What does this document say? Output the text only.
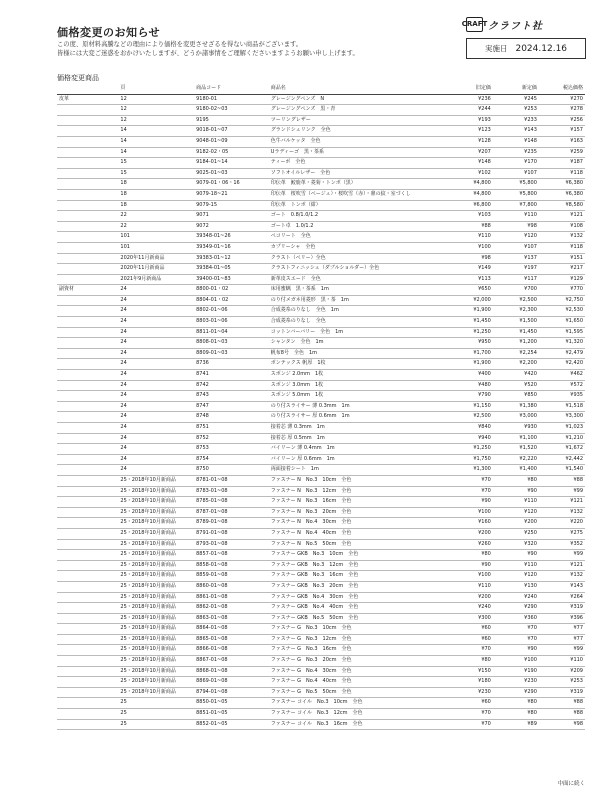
価格変更のお知らせ
この度、原材料高騰などの理由により価格を変更させざるを得ない商品がございます。
皆様には大変ご迷惑をおかけいたしますが、どうか諸事情をご理解くださいますようお願い申し上げます。
CRAFT クラフト社
実施日 2024.12.16
価格変更商品
	頁	商品コード	商品名	旧定価	新定価	税込価格
皮革	12	9180-01	グレージングペンズ　N	¥236	¥245	¥270
	12	9180-02~03	グレージングペンズ　黒・青	¥244	¥253	¥278
	12	9195	ツーリングレザー	¥193	¥233	¥256
	14	9018-01~07	グランドシュリンク　全色	¥123	¥143	¥157
	14	9048-01~09	色牛バルケッタ　全色	¥128	¥148	¥163
	14	9182-02・05	Uラディーゴ　黒・茶系	¥207	¥235	¥259
	15	9184-01~14	ティーポ　全色	¥148	¥170	¥187
	15	9025-01~03	ソフトオイルレザー　全色	¥102	¥107	¥118
	18	9079-01・06・16	印伝革　鮫鹿革・菱菊・トンボ（黒）	¥4,800	¥5,800	¥6,380
	18	9079-18~21	印伝革　桜吹雪（ベージュ）・桜吹雪（赤）・鼎の紋・室づくし	¥4,800	¥5,800	¥6,380
	18	9079-15	印伝革　トンボ（紺）	¥6,800	¥7,800	¥8,580
	22	9071	ゴート　0.8/1.0/1.2	¥103	¥110	¥121
	22	9072	ゴート卓　1.0/1.2	¥88	¥98	¥108
	101	39348-01~26	ペコリート　全色	¥110	¥120	¥132
	101	39349-01~16	カプリーシャ　全色	¥100	¥107	¥118
	2020年11月新商品	39383-01~12	クラスト（ベリー）全色	¥98	¥137	¥151
	2020年11月新商品	39384-01~05	クラストフィニッシュ（ダブルショルダー）全色	¥149	¥197	¥217
	2021年9月新商品	39400-01~83	新革皮スエード　全色	¥113	¥117	¥129
副資材	24	8800-01・02	床用蜜蝋　黒・茶系　1m	¥650	¥700	¥770
	24	8804-01・02	のり付メガネ用菱形　黒・茶　1m	¥2,000	¥2,500	¥2,750
	24	8802-01~06	合成菱糸のりなし　全色　1m	¥1,900	¥2,300	¥2,530
	24	8803-01~06	合成菱糸のりなし　全色	¥1,450	¥1,500	¥1,650
	24	8811-01~04	コットンバーバリー　全色　1m	¥1,250	¥1,450	¥1,595
	24	8808-01~03	シャンタン　全色　1m	¥950	¥1,200	¥1,320
	24	8809-01~03	帆布8号　全色　1m	¥1,700	¥2,254	¥2,479
	24	8736	ボンテックス 帆厚　1枚	¥1,900	¥2,200	¥2,420
	24	8741	スポンジ 2.0mm　1枚	¥400	¥420	¥462
	24	8742	スポンジ 3.0mm　1枚	¥480	¥520	¥572
	24	8743	スポンジ 5.0mm　1枚	¥790	¥850	¥935
	24	8747	のり付スライサー 薄 0.3mm　1m	¥1,150	¥1,380	¥1,518
	24	8748	のり付スライサー 厚 0.6mm　1m	¥2,500	¥3,000	¥3,300
	24	8751	接着芯 薄 0.3mm　1m	¥840	¥930	¥1,023
	24	8752	接着芯 厚 0.5mm　1m	¥940	¥1,100	¥1,210
	24	8753	バイリーン 薄 0.4mm　1m	¥1,250	¥1,520	¥1,672
	24	8754	バイリーン 厚 0.6mm　1m	¥1,750	¥2,220	¥2,442
	24	8750	両面接着シート　1m	¥1,300	¥1,400	¥1,540
	25・2018年10月新商品	8781-01~08	ファスナー N　No.3　10cm　全色	¥70	¥80	¥88
	25・2018年10月新商品	8783-01~08	ファスナー N　No.3　12cm　全色	¥70	¥90	¥99
	25・2018年10月新商品	8785-01~08	ファスナー N　No.3　16cm　全色	¥90	¥110	¥121
	25・2018年10月新商品	8787-01~08	ファスナー N　No.3　20cm　全色	¥100	¥120	¥132
	25・2018年10月新商品	8789-01~08	ファスナー N　No.4　30cm　全色	¥160	¥200	¥220
	25・2018年10月新商品	8791-01~08	ファスナー N　No.4　40cm　全色	¥200	¥250	¥275
	25・2018年10月新商品	8793-01~08	ファスナー N　No.5　50cm　全色	¥260	¥320	¥352
	25・2018年10月新商品	8857-01~08	ファスナー GKB　No.3　10cm　全色	¥80	¥90	¥99
	25・2018年10月新商品	8858-01~08	ファスナー GKB　No.3　12cm　全色	¥90	¥110	¥121
	25・2018年10月新商品	8859-01~08	ファスナー GKB　No.3　16cm　全色	¥100	¥120	¥132
	25・2018年10月新商品	8860-01~08	ファスナー GKB　No.3　20cm　全色	¥110	¥130	¥143
	25・2018年10月新商品	8861-01~08	ファスナー GKB　No.4　30cm　全色	¥200	¥240	¥264
	25・2018年10月新商品	8862-01~08	ファスナー GKB　No.4　40cm　全色	¥240	¥290	¥319
	25・2018年10月新商品	8863-01~08	ファスナー GKB　No.5　50cm　全色	¥300	¥360	¥396
	25・2018年10月新商品	8864-01~08	ファスナー G　No.3　10cm　全色	¥60	¥70	¥77
	25・2018年10月新商品	8865-01~08	ファスナー G　No.3　12cm　全色	¥60	¥70	¥77
	25・2018年10月新商品	8866-01~08	ファスナー G　No.3　16cm　全色	¥70	¥90	¥99
	25・2018年10月新商品	8867-01~08	ファスナー G　No.3　20cm　全色	¥80	¥100	¥110
	25・2018年10月新商品	8868-01~08	ファスナー G　No.4　30cm　全色	¥150	¥190	¥209
	25・2018年10月新商品	8869-01~08	ファスナー G　No.4　40cm　全色	¥180	¥230	¥253
	25・2018年10月新商品	8794-01~08	ファスナー G　No.5　50cm　全色	¥230	¥290	¥319
	25	8850-01~05	ファスナー コイル　No.3　10cm　全色	¥60	¥80	¥88
	25	8851-01~05	ファスナー コイル　No.3　12cm　全色	¥70	¥80	¥88
	25	8852-01~05	ファスナー コイル　No.3　16cm　全色	¥70	¥89	¥98
中面に続く
